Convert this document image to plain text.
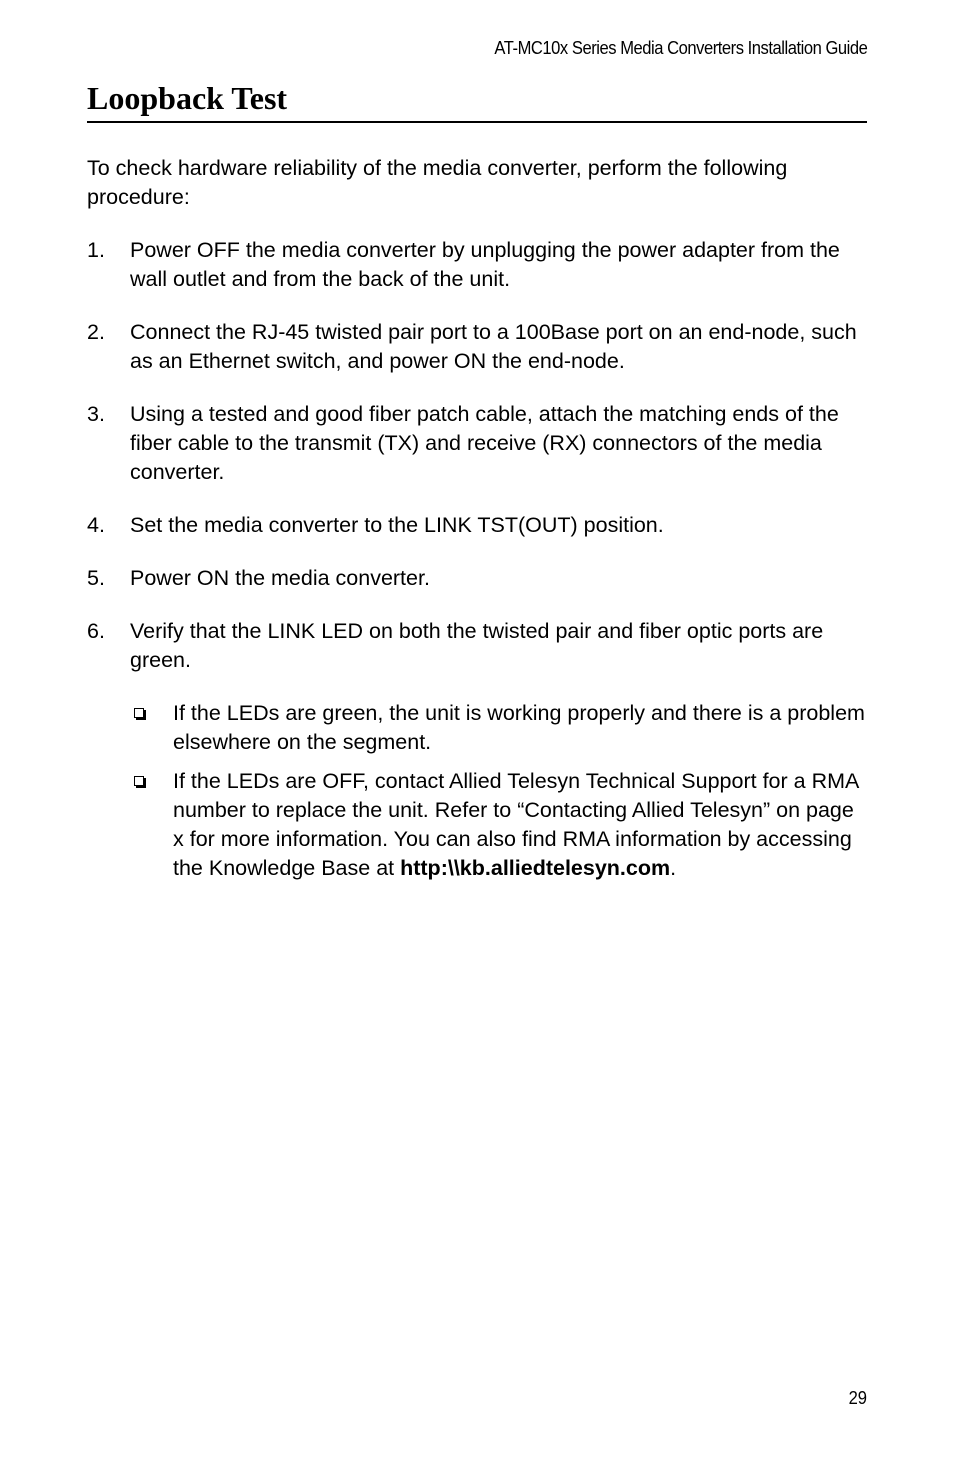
AT-MC10x Series Media Converters Installation Guide
Loopback Test

To check hardware reliability of the media converter, perform the following procedure:

1. Power OFF the media converter by unplugging the power adapter from the wall outlet and from the back of the unit.
2. Connect the RJ-45 twisted pair port to a 100Base port on an end-node, such as an Ethernet switch, and power ON the end-node.
3. Using a tested and good fiber patch cable, attach the matching ends of the fiber cable to the transmit (TX) and receive (RX) connectors of the media converter.
4. Set the media converter to the LINK TST(OUT) position.
5. Power ON the media converter.
6. Verify that the LINK LED on both the twisted pair and fiber optic ports are green.
If the LEDs are green, the unit is working properly and there is a problem elsewhere on the segment.
If the LEDs are OFF, contact Allied Telesyn Technical Support for a RMA number to replace the unit. Refer to “Contacting Allied Telesyn” on page x for more information. You can also find RMA information by accessing the Knowledge Base at http:\\kb.alliedtelesyn.com.
29
